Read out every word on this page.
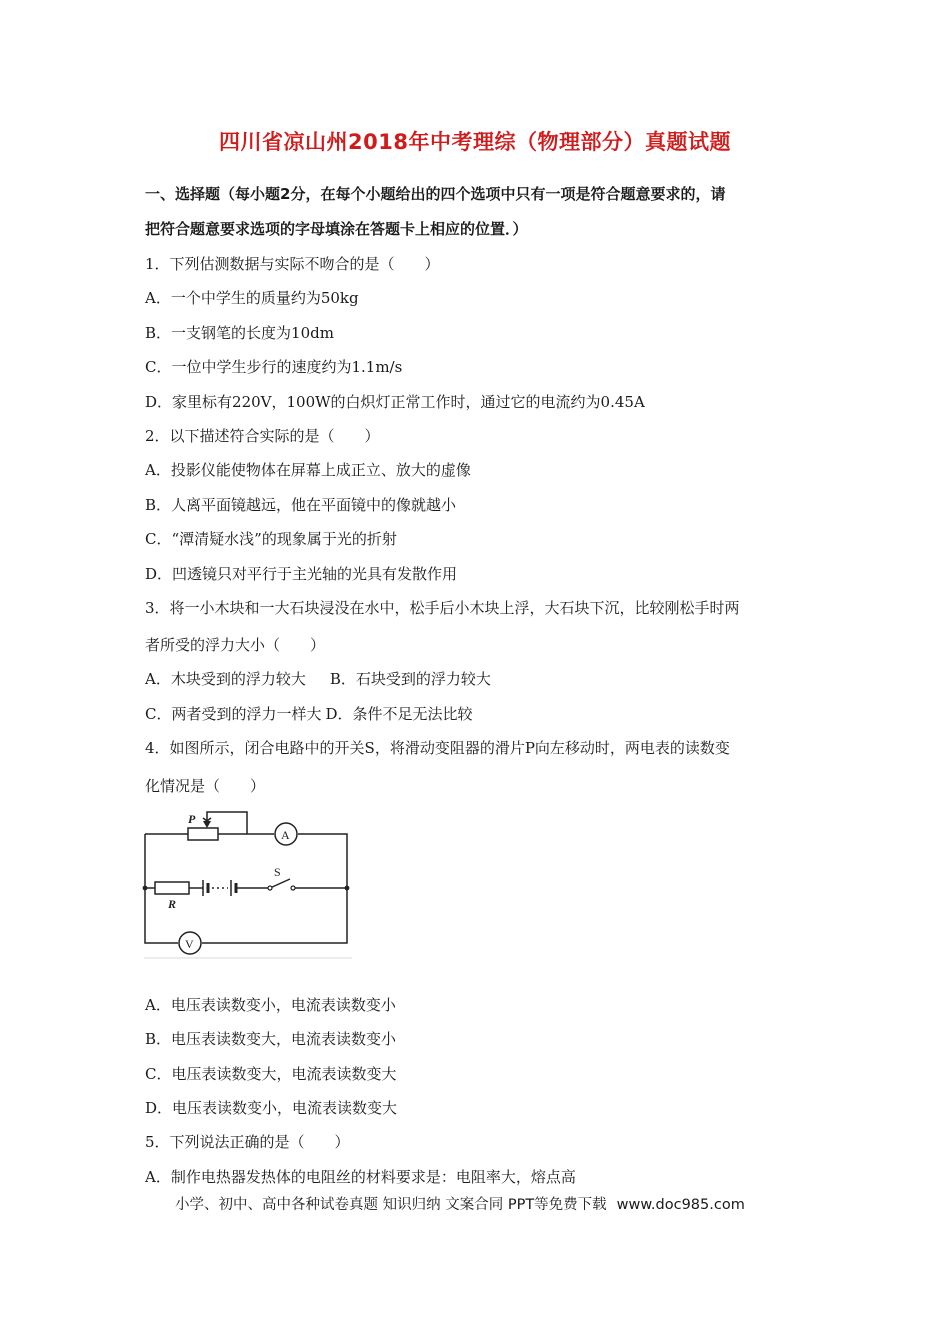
四川省凉山州2018年中考理综（物理部分）真题试题
一、选择题（每小题2分，在每个小题给出的四个选项中只有一项是符合题意要求的，请
把符合题意要求选项的字母填涂在答题卡上相应的位置．）
1．下列估测数据与实际不吻合的是（　　）
A．一个中学生的质量约为50kg
B．一支钢笔的长度为10dm
C．一位中学生步行的速度约为1.1m/s
D．家里标有220V，100W的白炽灯正常工作时，通过它的电流约为0.45A
2．以下描述符合实际的是（　　）
A．投影仪能使物体在屏幕上成正立、放大的虚像
B．人离平面镜越远，他在平面镜中的像就越小
C．“潭清疑水浅”的现象属于光的折射
D．凹透镜只对平行于主光轴的光具有发散作用
3．将一小木块和一大石块浸没在水中，松手后小木块上浮，大石块下沉，比较刚松手时两
者所受的浮力大小（　　）
A．木块受到的浮力较大 B．石块受到的浮力较大
C．两者受到的浮力一样大 D．条件不足无法比较
4．如图所示，闭合电路中的开关S，将滑动变阻器的滑片P向左移动时，两电表的读数变
化情况是（　　）
P
A
S
R
V
A．电压表读数变小，电流表读数变小
B．电压表读数变大，电流表读数变小
C．电压表读数变大，电流表读数变大
D．电压表读数变小，电流表读数变大
5．下列说法正确的是（　　）
A．制作电热器发热体的电阻丝的材料要求是：电阻率大，熔点高
小学、初中、高中各种试卷真题 知识归纳 文案合同 PPT等免费下载 www.doc985.com
